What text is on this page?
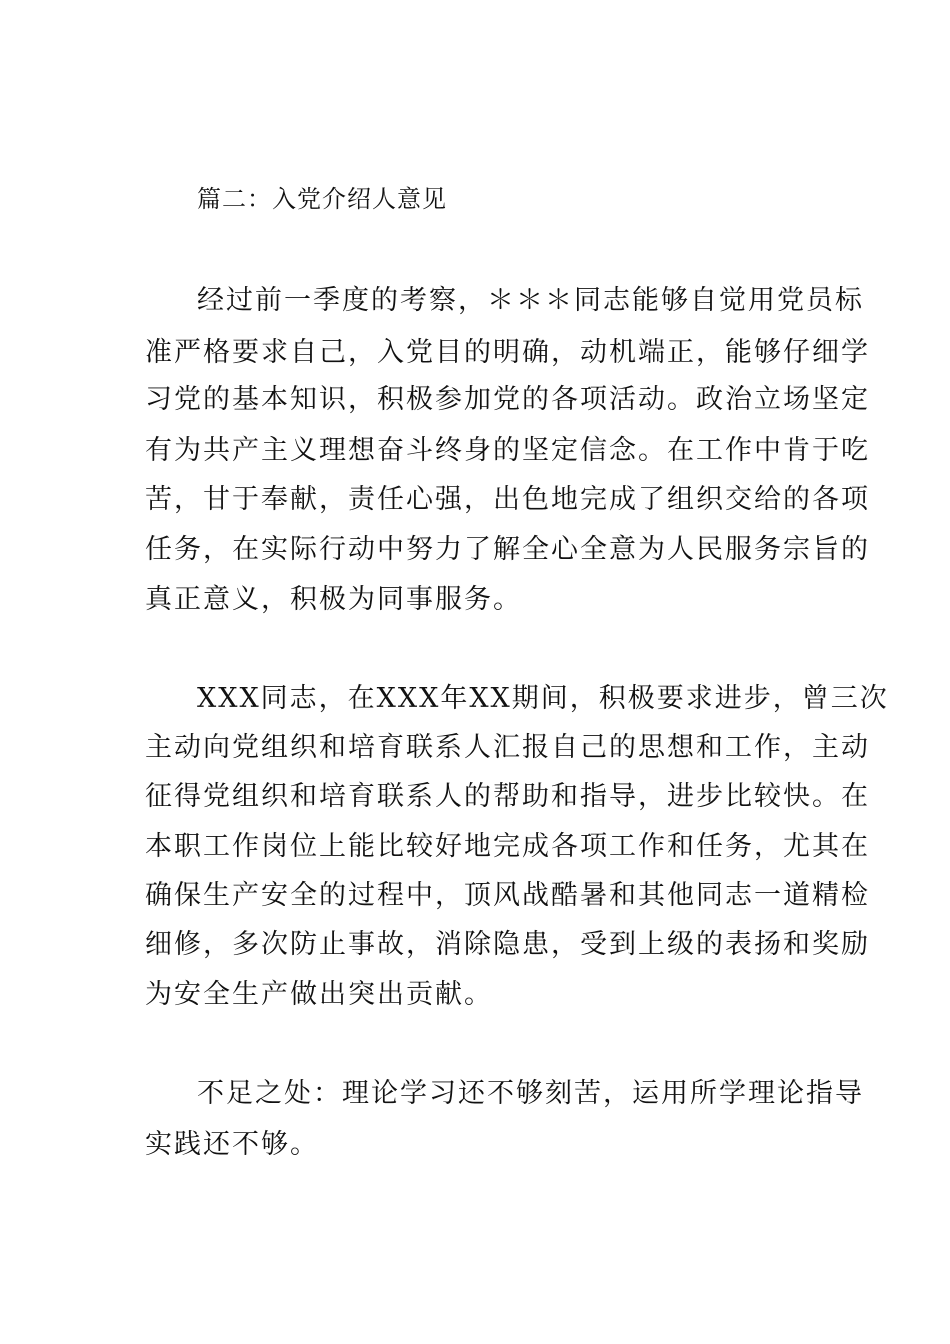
篇二：入党介绍人意见
经过前一季度的考察，＊＊＊同志能够自觉用党员标
准严格要求自己，入党目的明确，动机端正，能够仔细学
习党的基本知识，积极参加党的各项活动。政治立场坚定
有为共产主义理想奋斗终身的坚定信念。在工作中肯于吃
苦，甘于奉献，责任心强，出色地完成了组织交给的各项
任务，在实际行动中努力了解全心全意为人民服务宗旨的
真正意义，积极为同事服务。
XXX同志，在XXX年XX期间，积极要求进步，曾三次
主动向党组织和培育联系人汇报自己的思想和工作，主动
征得党组织和培育联系人的帮助和指导，进步比较快。在
本职工作岗位上能比较好地完成各项工作和任务，尤其在
确保生产安全的过程中，顶风战酷暑和其他同志一道精检
细修，多次防止事故，消除隐患，受到上级的表扬和奖励
为安全生产做出突出贡献。
不足之处：理论学习还不够刻苦，运用所学理论指导
实践还不够。
